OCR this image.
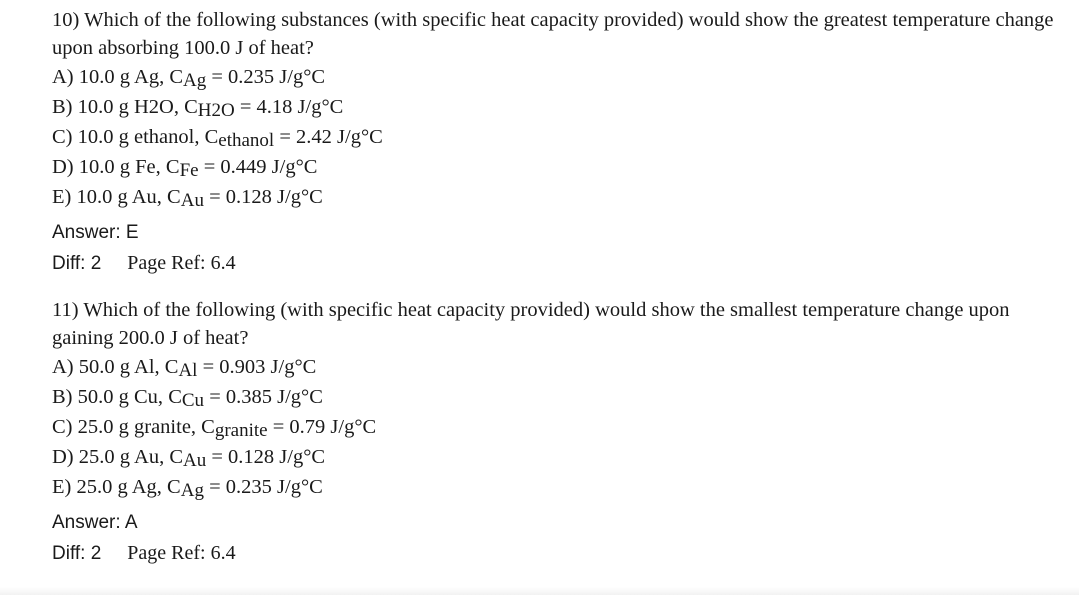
10) Which of the following substances (with specific heat capacity provided) would show the greatest temperature change upon absorbing 100.0 J of heat?

A) 10.0 g Ag, CAg = 0.235 J/g°C
B) 10.0 g H2O, CH2O = 4.18 J/g°C
C) 10.0 g ethanol, Cethanol = 2.42 J/g°C
D) 10.0 g Fe, CFe = 0.449 J/g°C
E) 10.0 g Au, CAu = 0.128 J/g°C
Answer: E
Diff: 2 Page Ref: 6.4

11) Which of the following (with specific heat capacity provided) would show the smallest temperature change upon gaining 200.0 J of heat?

A) 50.0 g Al, CAl = 0.903 J/g°C
B) 50.0 g Cu, CCu = 0.385 J/g°C
C) 25.0 g granite, Cgranite = 0.79 J/g°C
D) 25.0 g Au, CAu = 0.128 J/g°C
E) 25.0 g Ag, CAg = 0.235 J/g°C
Answer: A
Diff: 2 Page Ref: 6.4
